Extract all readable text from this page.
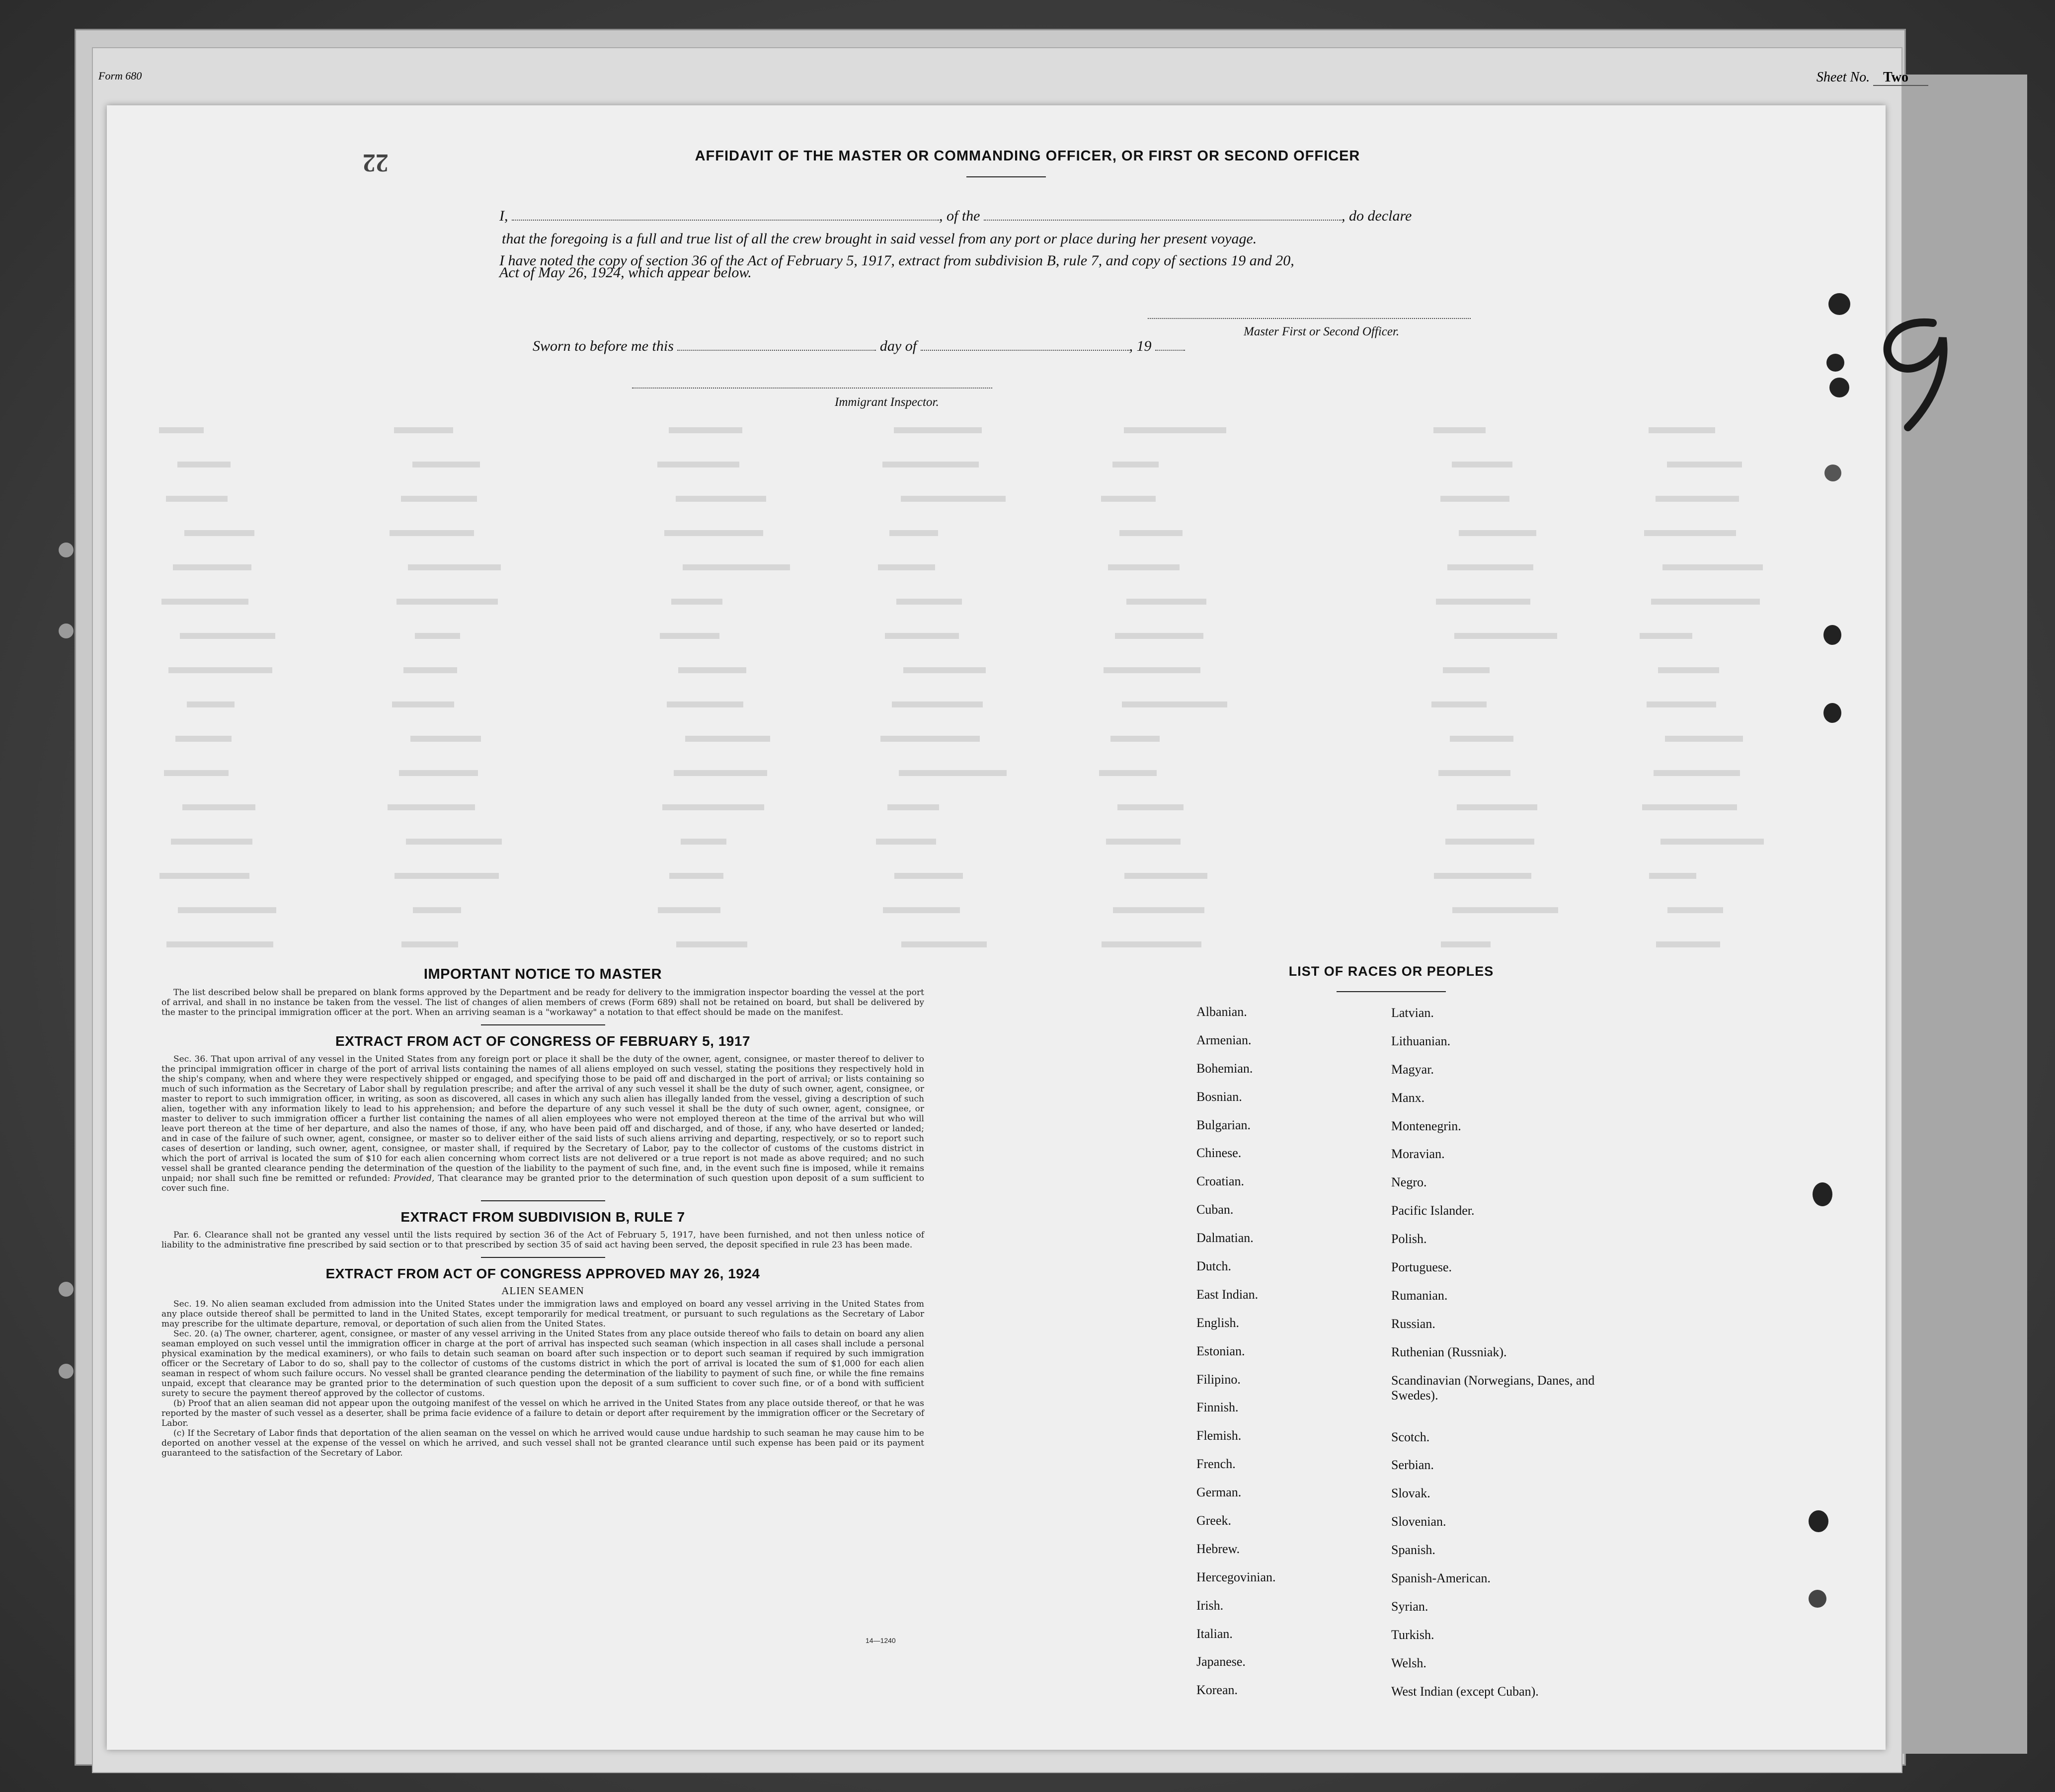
Form 680	Sheet No. Two
22	AFFIDAVIT OF THE MASTER OR COMMANDING OFFICER, OR FIRST OR SECOND OFFICER
I,	, of the	, do declare
that the foregoing is a full and true list of all the crew brought in said vessel from any port or place during her present voyage.
I have noted the copy of section 36 of the Act of February 5, 1917, extract from subdivision B, rule 7, and copy of sections 19 and 20,
Act of May 26, 1924, which appear below.
Master First or Second Officer.
Sworn to before me this	day of	, 19
Immigrant Inspector.
IMPORTANT NOTICE TO MASTER
The list described below shall be prepared on blank forms approved by the Department and be ready for delivery to the immigration inspector boarding the vessel at the port of arrival, and shall in no instance be taken from the vessel. The list of changes of alien members of crews (Form 689) shall not be retained on board, but shall be delivered by the master to the principal immigration officer at the port. When an arriving seaman is a "workaway" a notation to that effect should be made on the manifest.
EXTRACT FROM ACT OF CONGRESS OF FEBRUARY 5, 1917
Sec. 36. That upon arrival of any vessel in the United States from any foreign port or place it shall be the duty of the owner, agent, consignee, or master thereof to deliver to the principal immigration officer in charge of the port of arrival lists containing the names of all aliens employed on such vessel, stating the positions they respectively hold in the ship's company, when and where they were respectively shipped or engaged, and specifying those to be paid off and discharged in the port of arrival; or lists containing so much of such information as the Secretary of Labor shall by regulation prescribe; and after the arrival of any such vessel it shall be the duty of such owner, agent, consignee, or master to report to such immigration officer, in writing, as soon as discovered, all cases in which any such alien has illegally landed from the vessel, giving a description of such alien, together with any information likely to lead to his apprehension; and before the departure of any such vessel it shall be the duty of such owner, agent, consignee, or master to deliver to such immigration officer a further list containing the names of all alien employees who were not employed thereon at the time of the arrival but who will leave port thereon at the time of her departure, and also the names of those, if any, who have been paid off and discharged, and of those, if any, who have deserted or landed; and in case of the failure of such owner, agent, consignee, or master so to deliver either of the said lists of such aliens arriving and departing, respectively, or so to report such cases of desertion or landing, such owner, agent, consignee, or master shall, if required by the Secretary of Labor, pay to the collector of customs of the customs district in which the port of arrival is located the sum of $10 for each alien concerning whom correct lists are not delivered or a true report is not made as above required; and no such vessel shall be granted clearance pending the determination of the question of the liability to the payment of such fine, and, in the event such fine is imposed, while it remains unpaid; nor shall such fine be remitted or refunded: Provided, That clearance may be granted prior to the determination of such question upon deposit of a sum sufficient to cover such fine.
EXTRACT FROM SUBDIVISION B, RULE 7
Par. 6. Clearance shall not be granted any vessel until the lists required by section 36 of the Act of February 5, 1917, have been furnished, and not then unless notice of liability to the administrative fine prescribed by said section or to that prescribed by section 35 of said act having been served, the deposit specified in rule 23 has been made.
EXTRACT FROM ACT OF CONGRESS APPROVED MAY 26, 1924
ALIEN SEAMEN
Sec. 19. No alien seaman excluded from admission into the United States under the immigration laws and employed on board any vessel arriving in the United States from any place outside thereof shall be permitted to land in the United States, except temporarily for medical treatment, or pursuant to such regulations as the Secretary of Labor may prescribe for the ultimate departure, removal, or deportation of such alien from the United States.
Sec. 20. (a) The owner, charterer, agent, consignee, or master of any vessel arriving in the United States from any place outside thereof who fails to detain on board any alien seaman employed on such vessel until the immigration officer in charge at the port of arrival has inspected such seaman (which inspection in all cases shall include a personal physical examination by the medical examiners), or who fails to detain such seaman on board after such inspection or to deport such seaman if required by such immigration officer or the Secretary of Labor to do so, shall pay to the collector of customs of the customs district in which the port of arrival is located the sum of $1,000 for each alien seaman in respect of whom such failure occurs. No vessel shall be granted clearance pending the determination of the liability to payment of such fine, or while the fine remains unpaid, except that clearance may be granted prior to the determination of such question upon the deposit of a sum sufficient to cover such fine, or of a bond with sufficient surety to secure the payment thereof approved by the collector of customs.
(b) Proof that an alien seaman did not appear upon the outgoing manifest of the vessel on which he arrived in the United States from any place outside thereof, or that he was reported by the master of such vessel as a deserter, shall be prima facie evidence of a failure to detain or deport after requirement by the immigration officer or the Secretary of Labor.
(c) If the Secretary of Labor finds that deportation of the alien seaman on the vessel on which he arrived would cause undue hardship to such seaman he may cause him to be deported on another vessel at the expense of the vessel on which he arrived, and such vessel shall not be granted clearance until such expense has been paid or its payment guaranteed to the satisfaction of the Secretary of Labor.
14—1240
LIST OF RACES OR PEOPLES
Albanian.
Armenian.
Bohemian.
Bosnian.
Bulgarian.
Chinese.
Croatian.
Cuban.
Dalmatian.
Dutch.
East Indian.
English.
Estonian.
Filipino.
Finnish.
Flemish.
French.
German.
Greek.
Hebrew.
Hercegovinian.
Irish.
Italian.
Japanese.
Korean.
Latvian.
Lithuanian.
Magyar.
Manx.
Montenegrin.
Moravian.
Negro.
Pacific Islander.
Polish.
Portuguese.
Rumanian.
Russian.
Ruthenian (Russniak).
Scandinavian (Norwegians, Danes, and Swedes).
Scotch.
Serbian.
Slovak.
Slovenian.
Spanish.
Spanish-American.
Syrian.
Turkish.
Welsh.
West Indian (except Cuban).
